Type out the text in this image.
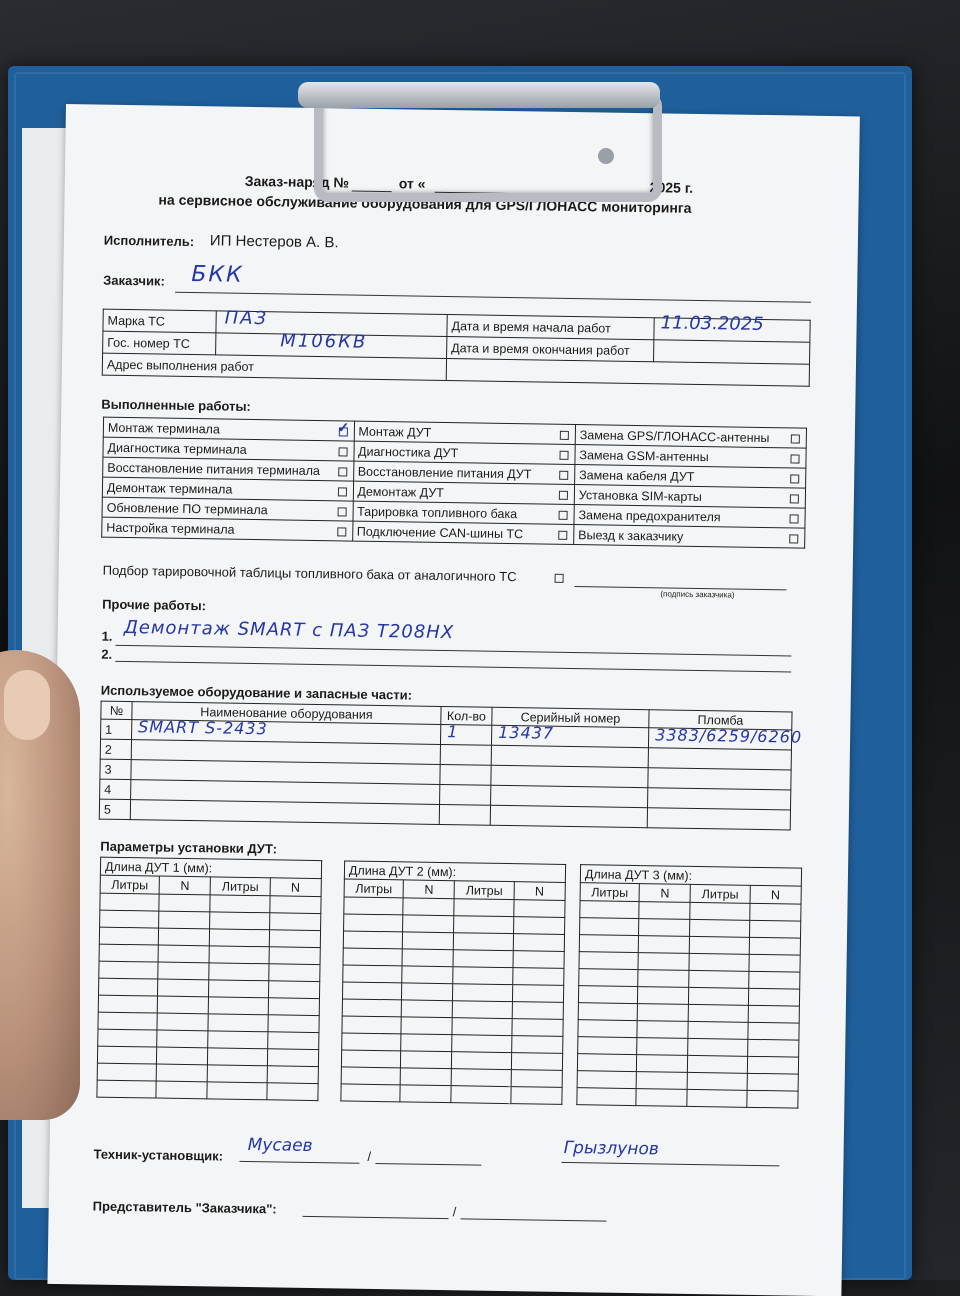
Заказ-наряд №	от «	2025 г.
на сервисное обслуживание оборудования для GPS/ГЛОНАСС мониторинга
Исполнитель: ИП Нестеров А. В.
Заказчик: БКК
Марка ТС	ПАЗ	Дата и время начала работ	11.03.2025

Гос. номер ТС	М106КВ	Дата и время окончания работ	
Адрес выполнения работ			
Выполненные работы:
Монтаж терминала ✓	Монтаж ДУТ	Замена GPS/ГЛОНАСС-антенны

Диагностика терминала	Диагностика ДУТ	Замена GSM-антенны

Восстановление питания терминала	Восстановление питания ДУТ	Замена кабеля ДУТ

Демонтаж терминала	Демонтаж ДУТ	Установка SIM-карты

Обновление ПО терминала	Тарировка топливного бака	Замена предохранителя

Настройка терминала	Подключение CAN-шины ТС	Выезд к заказчику
Подбор тарировочной таблицы топливного бака от аналогичного ТС
(подпись заказчика)
Прочие работы:
1. Демонтаж SMART с ПАЗ Т208НХ
2.
Используемое оборудование и запасные части:
№	Наименование оборудования	Кол-во	Серийный номер	Пломба
1	SMART S-2433	1	13437	3383/6259/6260

2	

3	

4	

5	

Параметры установки ДУТ:
Длина ДУТ 1 (мм):			
Литры	N	Литры	N

Длина ДУТ 2 (мм):			
Литры	N	Литры	N

Длина ДУТ 3 (мм):			
Литры	N	Литры	N

Техник-установщик: Мусаев
/	Грызлунов
Представитель "Заказчика":	/
